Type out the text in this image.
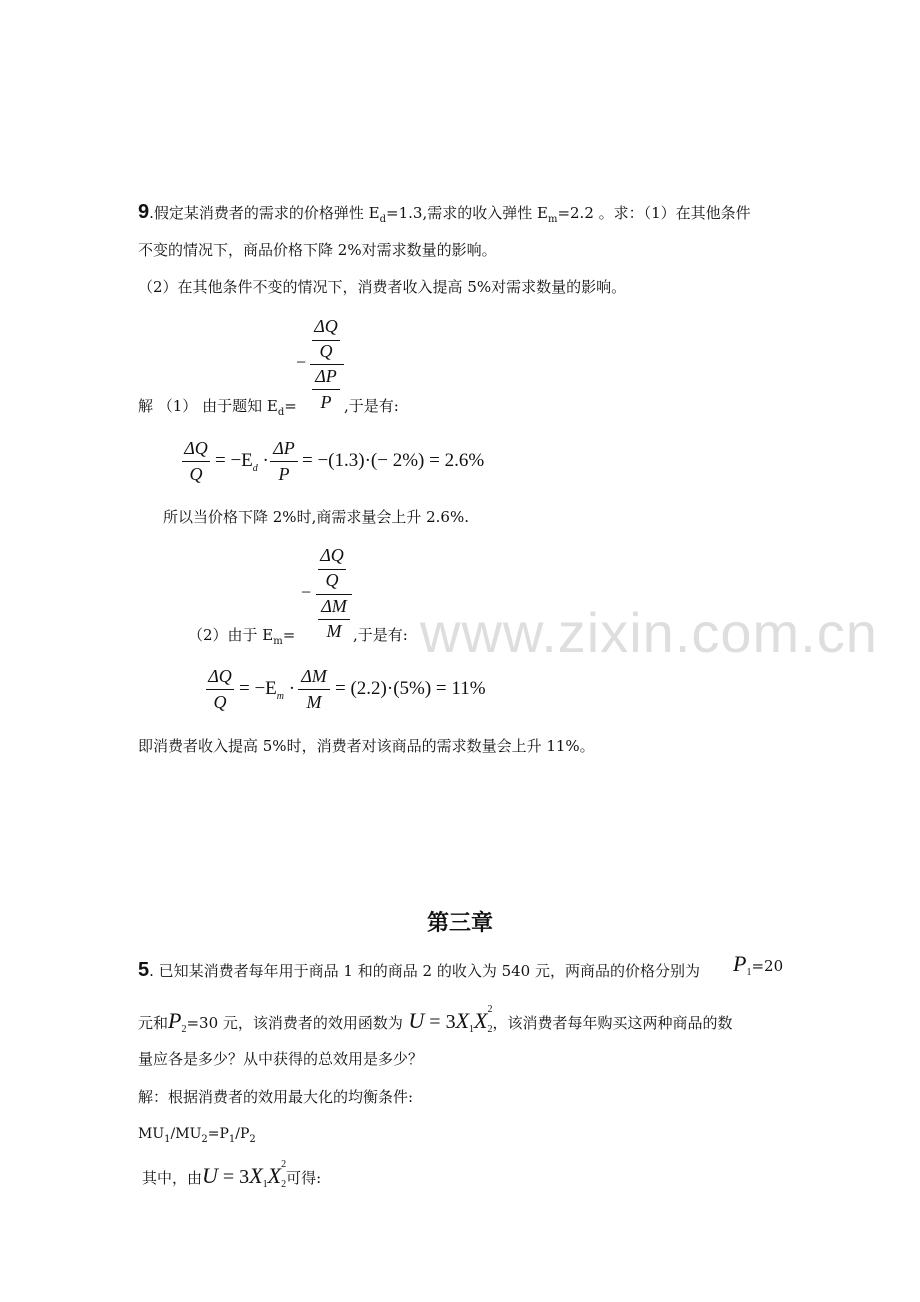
www.zixin.com.cn
9.假定某消费者的需求的价格弹性 $E_d=1.3$,需求的收入弹性 $E_m=2.2$ 。求：（1）在其他条件
不变的情况下，商品价格下降 2%对需求数量的影响。
（2）在其他条件不变的情况下，消费者收入提高 5%对需求数量的影响。
ΔQ
Q
−
ΔP
P
解 （1） 由于题知 $E_d=$	,于是有:
ΔQ
Q
= $-E_d$ ·
ΔP
P
= −(1.3)·(− 2%) = 2.6%
所以当价格下降 2%时,商需求量会上升 2.6%.
ΔQ
Q
−
ΔM
M
（2）由于 $E_m=$	,于是有:
ΔQ
Q
= $-E_m$ ·
ΔM
M
= (2.2)·(5%) = 11%
即消费者收入提高 5%时，消费者对该商品的需求数量会上升 11%。
第三章
5. 已知某消费者每年用于商品 1 和的商品 2 的收入为 540 元，两商品的价格分别为 $P_1=20$
元和$P_2=30$ 元，该消费者的效用函数为 $U = 3X_1X$ 2
$_2$，该消费者每年购买这两种商品的数
量应各是多少？从中获得的总效用是多少？
解：根据消费者的效用最大化的均衡条件:
$MU_1/MU_2=P_1/P_2$
其中，由$U = 3X_1X$ 2
$_2$可得:
